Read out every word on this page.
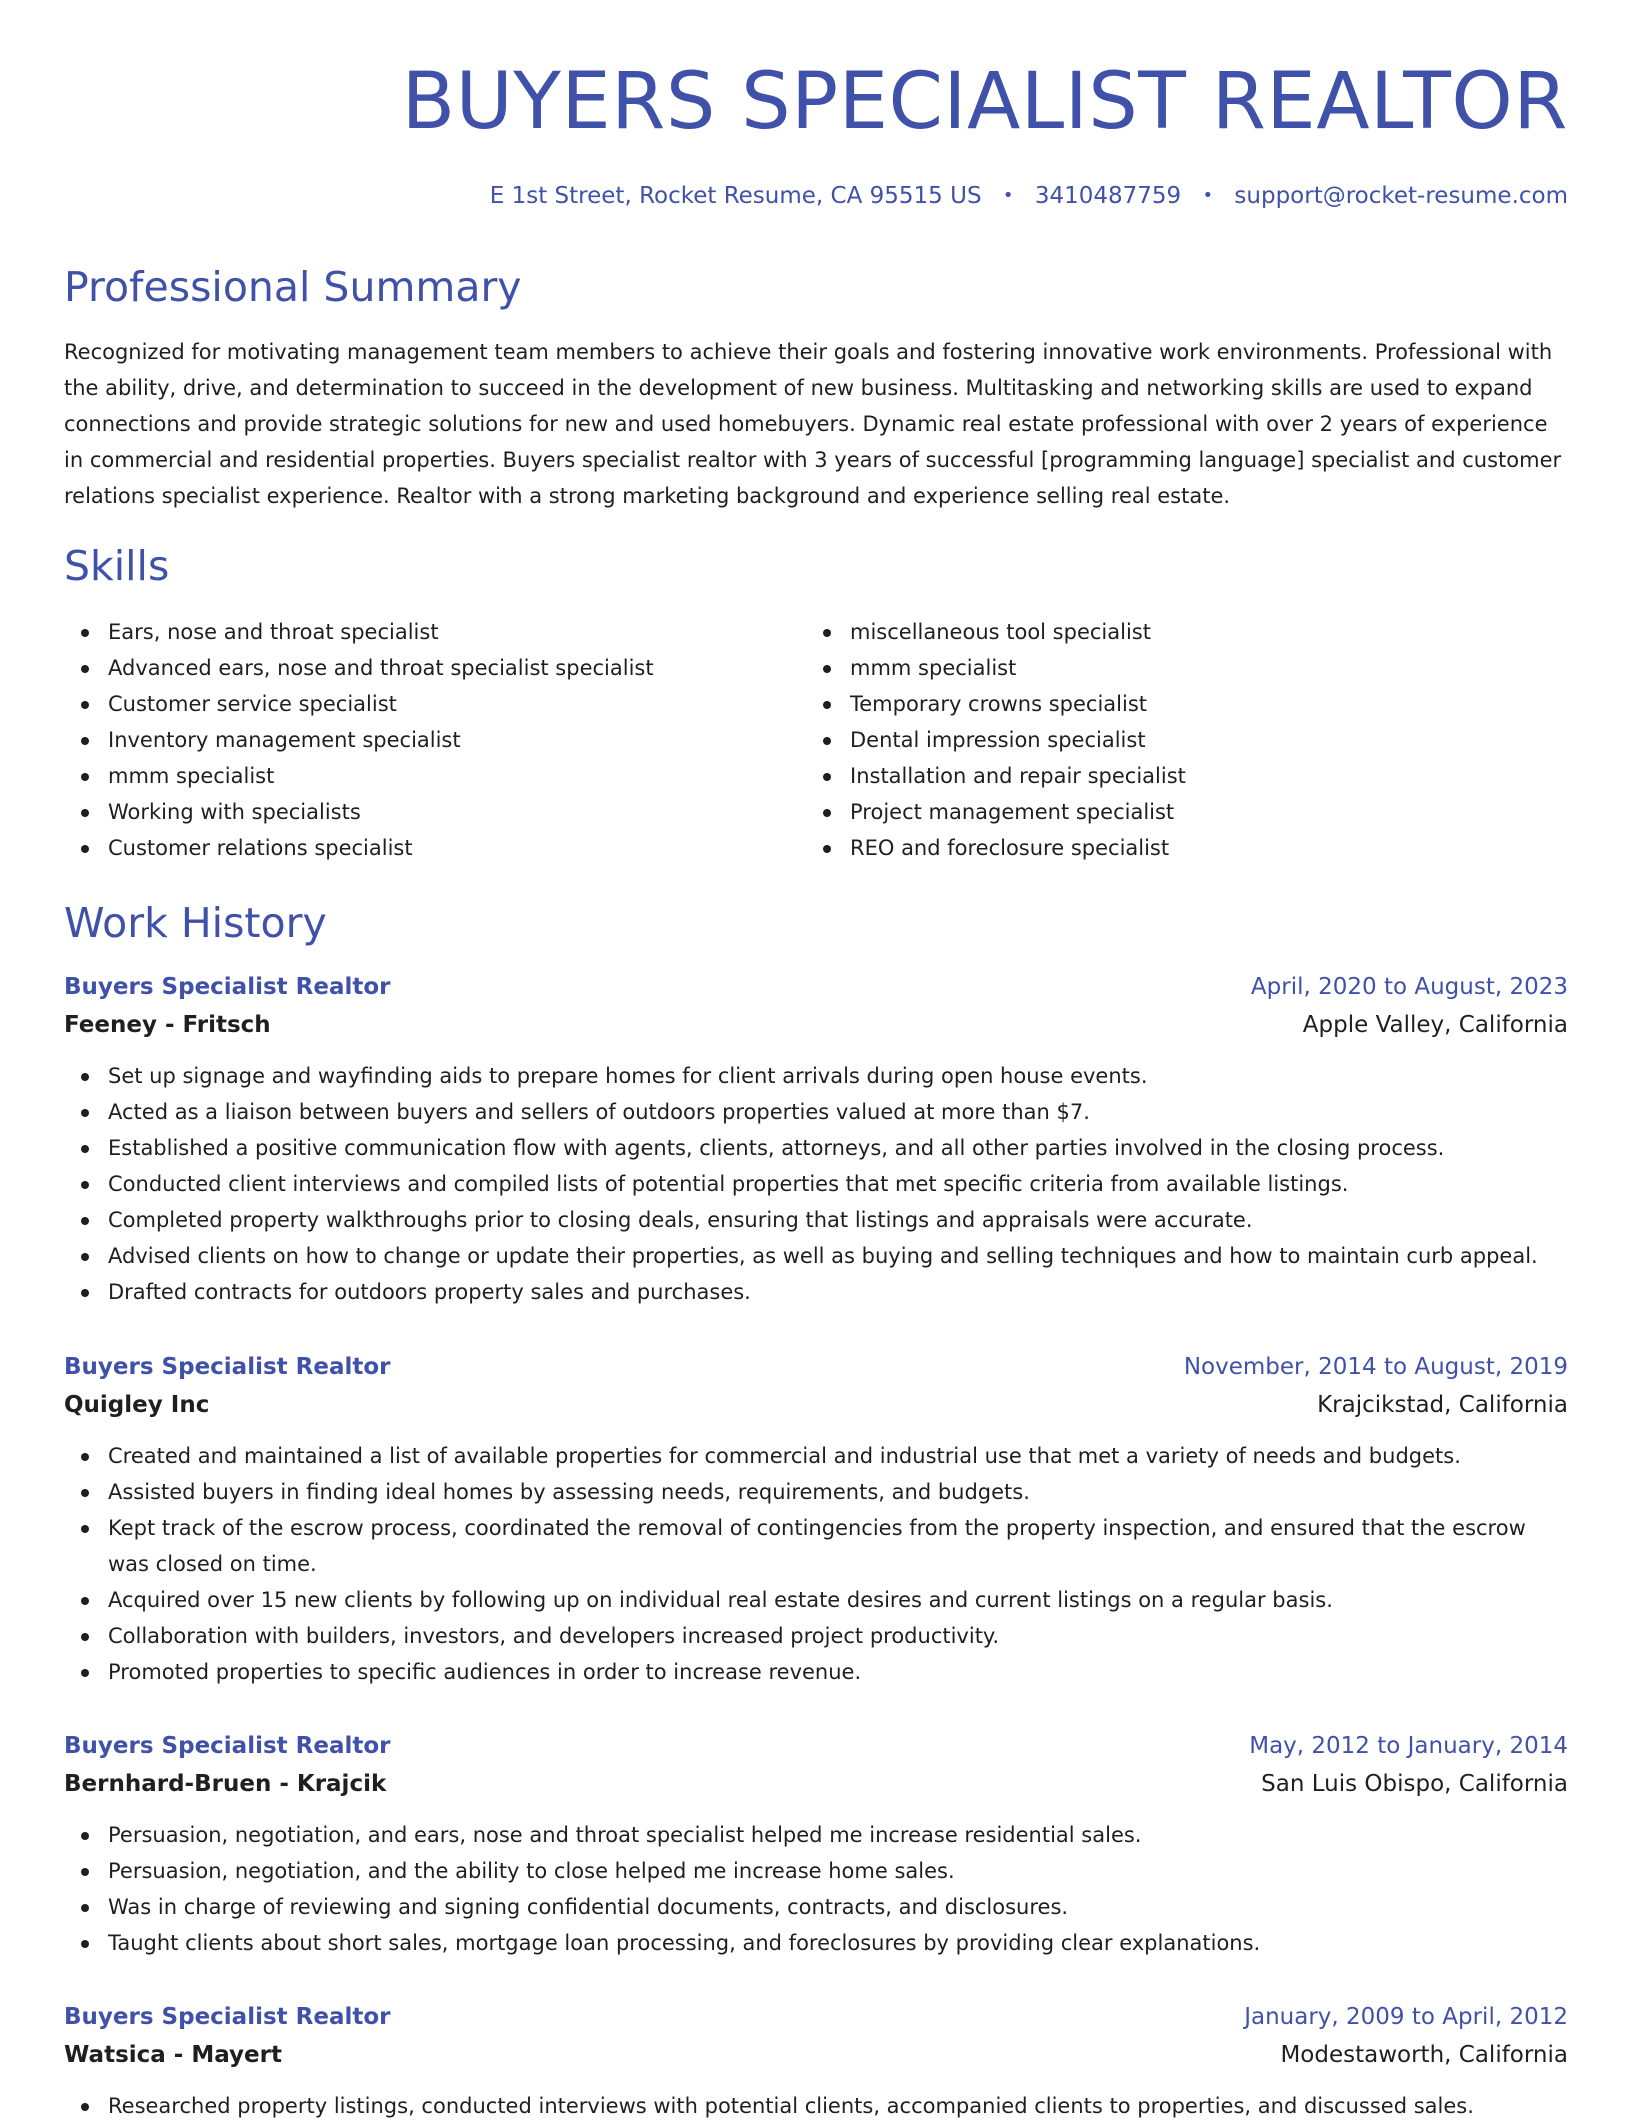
BUYERS SPECIALIST REALTOR
E 1st Street, Rocket Resume, CA 95515 US • 3410487759 • support@rocket-resume.com
Professional Summary

Recognized for motivating management team members to achieve their goals and fostering innovative work environments. Professional with the ability, drive, and determination to succeed in the development of new business. Multitasking and networking skills are used to expand connections and provide strategic solutions for new and used homebuyers. Dynamic real estate professional with over 2 years of experience in commercial and residential properties. Buyers specialist realtor with 3 years of successful [programming language] specialist and customer relations specialist experience. Realtor with a strong marketing background and experience selling real estate.

Skills
Ears, nose and throat specialist
Advanced ears, nose and throat specialist specialist
Customer service specialist
Inventory management specialist
mmm specialist
Working with specialists
Customer relations specialist
miscellaneous tool specialist
mmm specialist
Temporary crowns specialist
Dental impression specialist
Installation and repair specialist
Project management specialist
REO and foreclosure specialist
Work History
Buyers Specialist Realtor	April, 2020 to August, 2023
Feeney - Fritsch	Apple Valley, California
Set up signage and wayfinding aids to prepare homes for client arrivals during open house events.
Acted as a liaison between buyers and sellers of outdoors properties valued at more than $7.
Established a positive communication flow with agents, clients, attorneys, and all other parties involved in the closing process.
Conducted client interviews and compiled lists of potential properties that met specific criteria from available listings.
Completed property walkthroughs prior to closing deals, ensuring that listings and appraisals were accurate.
Advised clients on how to change or update their properties, as well as buying and selling techniques and how to maintain curb appeal.
Drafted contracts for outdoors property sales and purchases.
Buyers Specialist Realtor	November, 2014 to August, 2019
Quigley Inc	Krajcikstad, California
Created and maintained a list of available properties for commercial and industrial use that met a variety of needs and budgets.
Assisted buyers in finding ideal homes by assessing needs, requirements, and budgets.
Kept track of the escrow process, coordinated the removal of contingencies from the property inspection, and ensured that the escrow was closed on time.
Acquired over 15 new clients by following up on individual real estate desires and current listings on a regular basis.
Collaboration with builders, investors, and developers increased project productivity.
Promoted properties to specific audiences in order to increase revenue.
Buyers Specialist Realtor	May, 2012 to January, 2014
Bernhard-Bruen - Krajcik	San Luis Obispo, California
Persuasion, negotiation, and ears, nose and throat specialist helped me increase residential sales.
Persuasion, negotiation, and the ability to close helped me increase home sales.
Was in charge of reviewing and signing confidential documents, contracts, and disclosures.
Taught clients about short sales, mortgage loan processing, and foreclosures by providing clear explanations.
Buyers Specialist Realtor	January, 2009 to April, 2012
Watsica - Mayert	Modestaworth, California
Researched property listings, conducted interviews with potential clients, accompanied clients to properties, and discussed sales.
